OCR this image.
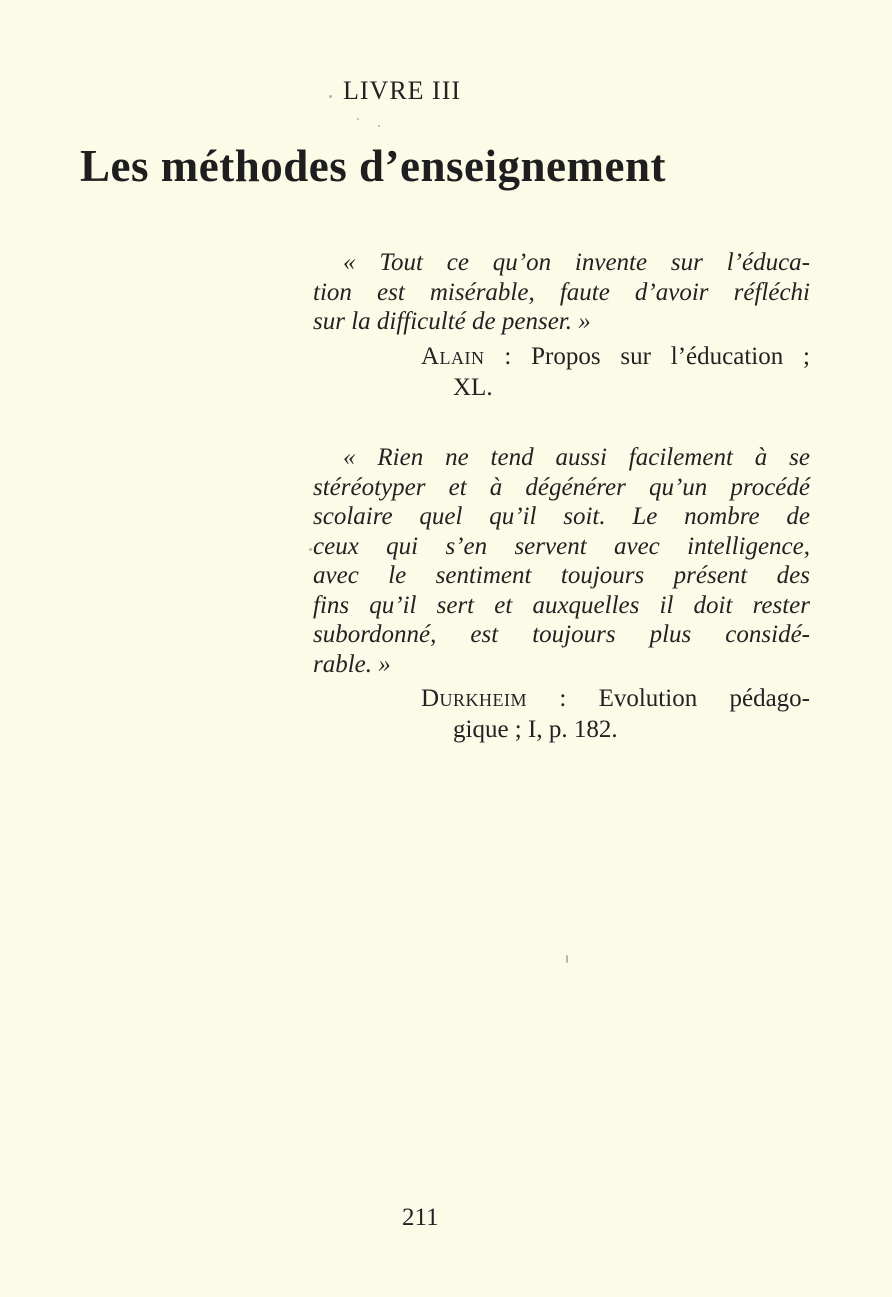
LIVRE III
Les méthodes d’enseignement
« Tout ce qu’on invente sur l’éduca-
tion est misérable, faute d’avoir réfléchi
sur la difficulté de penser. »
Alain : Propos sur l’éducation ;
XL.
« Rien ne tend aussi facilement à se
stéréotyper et à dégénérer qu’un procédé
scolaire quel qu’il soit. Le nombre de
ceux qui s’en servent avec intelligence,
avec le sentiment toujours présent des
fins qu’il sert et auxquelles il doit rester
subordonné, est toujours plus considé-
rable. »
Durkheim : Evolution pédago-
gique ; I, p. 182.
211
